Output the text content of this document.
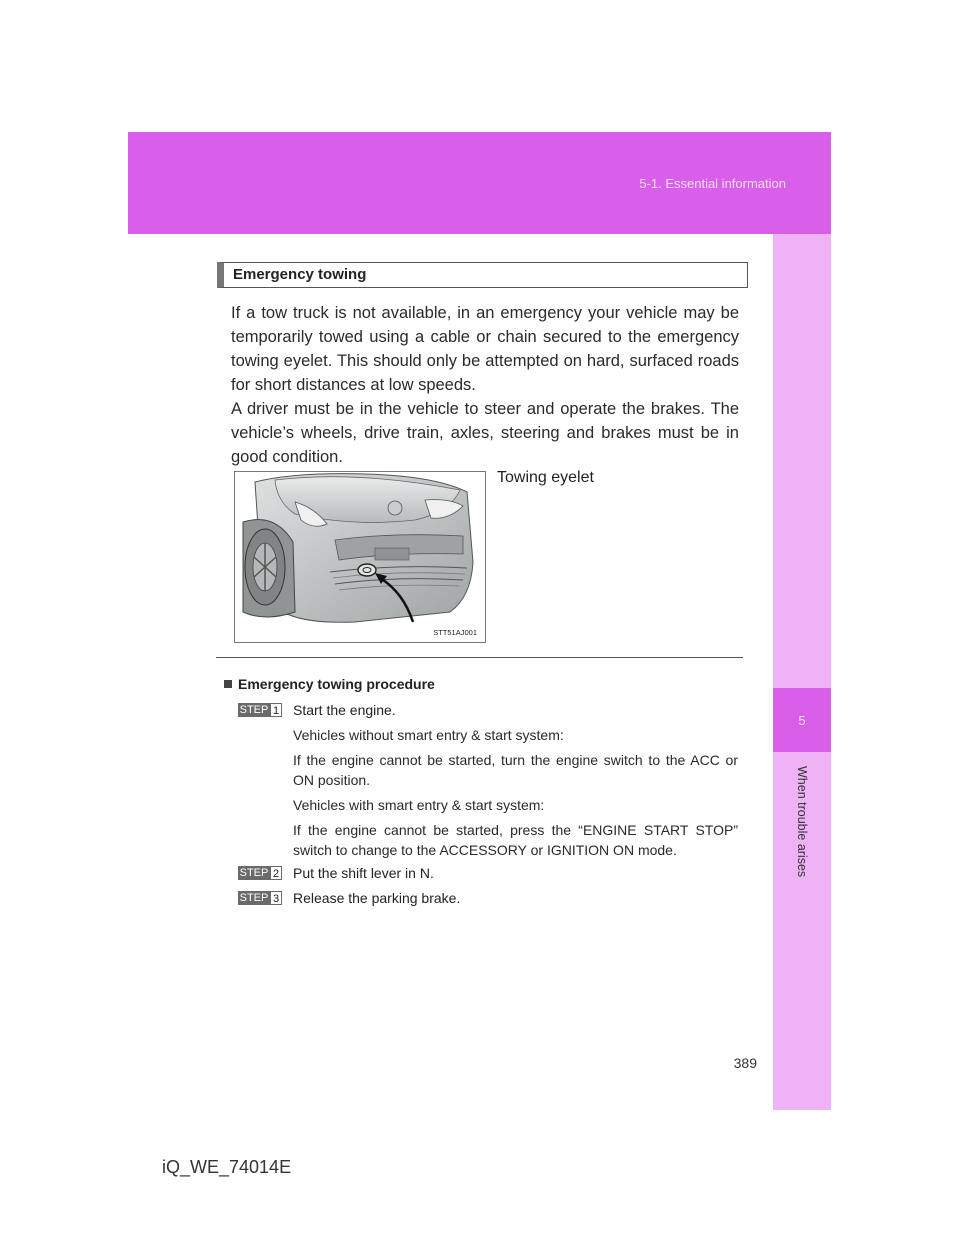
5-1. Essential information
5
When trouble arises
Emergency towing

If a tow truck is not available, in an emergency your vehicle may be temporarily towed using a cable or chain secured to the emergency towing eyelet. This should only be attempted on hard, surfaced roads for short distances at low speeds.

A driver must be in the vehicle to steer and operate the brakes. The vehicle’s wheels, drive train, axles, steering and brakes must be in good condition.

STT51AJ001
Towing eyelet
Emergency towing procedure
STEP 1 Start the engine.
Vehicles without smart entry & start system:
If the engine cannot be started, turn the engine switch to the ACC or ON position.
Vehicles with smart entry & start system:
If the engine cannot be started, press the “ENGINE START STOP” switch to change to the ACCESSORY or IGNITION ON mode.
STEP 2 Put the shift lever in N.
STEP 3 Release the parking brake.
389
iQ_WE_74014E
